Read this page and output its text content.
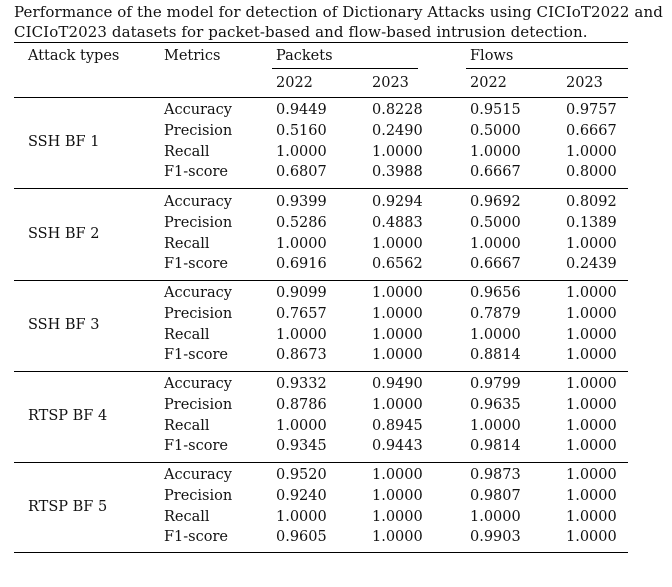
Performance of the model for detection of Dictionary Attacks using CICIoT2022 and
CICIoT2023 datasets for packet-based and flow-based intrusion detection.
Attack types	Metrics	Packets	Flows
2022	2023	2022	2023
SSH BF 1
Accuracy	0.9449	0.8228	0.9515	0.9757
Precision	0.5160	0.2490	0.5000	0.6667
Recall	1.0000	1.0000	1.0000	1.0000
F1-score	0.6807	0.3988	0.6667	0.8000
SSH BF 2
Accuracy	0.9399	0.9294	0.9692	0.8092
Precision	0.5286	0.4883	0.5000	0.1389
Recall	1.0000	1.0000	1.0000	1.0000
F1-score	0.6916	0.6562	0.6667	0.2439
SSH BF 3
Accuracy	0.9099	1.0000	0.9656	1.0000
Precision	0.7657	1.0000	0.7879	1.0000
Recall	1.0000	1.0000	1.0000	1.0000
F1-score	0.8673	1.0000	0.8814	1.0000
RTSP BF 4
Accuracy	0.9332	0.9490	0.9799	1.0000
Precision	0.8786	1.0000	0.9635	1.0000
Recall	1.0000	0.8945	1.0000	1.0000
F1-score	0.9345	0.9443	0.9814	1.0000
RTSP BF 5
Accuracy	0.9520	1.0000	0.9873	1.0000
Precision	0.9240	1.0000	0.9807	1.0000
Recall	1.0000	1.0000	1.0000	1.0000
F1-score	0.9605	1.0000	0.9903	1.0000
